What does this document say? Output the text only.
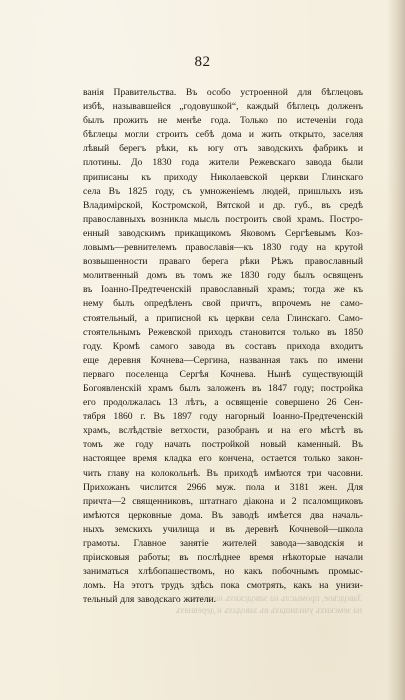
82
ванія Правительства. Въ особо устроенной для бѣглецовъ
избѣ, называвшейся „годовушкой“, каждый бѣглецъ долженъ
былъ прожить не менѣе года. Только по истеченіи года
бѣглецы могли строить себѣ дома и жить открыто, заселяя
лѣвый берегъ рѣки, къ югу отъ заводскихъ фабрикъ и
плотины. До 1830 года жители Режевскаго завода были
приписаны къ приходу Николаевской церкви Глинскаго
села Въ 1825 году, съ умноженіемъ людей, пришлыхъ изъ
Владимірской, Костромской, Вятской и др. губ., въ средѣ
православныхъ возникла мысль построить свой храмъ. Постро-
енный заводскимъ прикащикомъ Яковомъ Сергѣевымъ Коз-
ловымъ—ревнителемъ православія—къ 1830 году на крутой
возвышенности праваго берега рѣки Рѣжъ православный
молитвенный домъ въ томъ же 1830 году былъ освященъ
въ Іоанно-Предтеченскій православный храмъ; тогда же къ
нему былъ опредѣленъ свой причтъ, впрочемъ не само-
стоятельный, а приписной къ церкви села Глинскаго. Само-
стоятельнымъ Режевской приходъ становится только въ 1850
году. Кромѣ самого завода въ составъ прихода входитъ
еще деревня Кочнева—Сергина, названная такъ по имени
перваго поселенца Сергѣя Кочнева. Нынѣ существующій
Богоявленскій храмъ былъ заложенъ въ 1847 году; постройка
его продолжалась 13 лѣтъ, а освященіе совершено 26 Сен-
тября 1860 г. Въ 1897 году нагорный Іоанно-Предтеченскій
храмъ, вслѣдствіе ветхости, разобранъ и на его мѣстѣ въ
томъ же году начать постройкой новый каменный. Въ
настоящее время кладка его кончена, остается только закон-
чить главу на колокольнѣ. Въ приходѣ имѣются три часовни.
Прихожанъ числится 2966 муж. пола и 3181 жен. Для
причта—2 священниковъ, штатнаго діакона и 2 псаломщиковъ
имѣются церковные дома. Въ заводѣ имѣется два началь-
ныхъ земскихъ училища и въ деревнѣ Кочневой—школа
грамоты. Главное занятіе жителей завода—заводскія и
пріисковыя работы; въ послѣднее время нѣкоторые начали
заниматься хлѣбопашествомъ, но какъ побочнымъ промыс-
ломъ. На этотъ трудъ здѣсь пока смотрять, какъ на унизи-
тельный для заводскаго жители.
Заводское, промыслъ на заводскихъ началахъ
на земскихъ училищахъ въ заводахъ и деревняхъ
